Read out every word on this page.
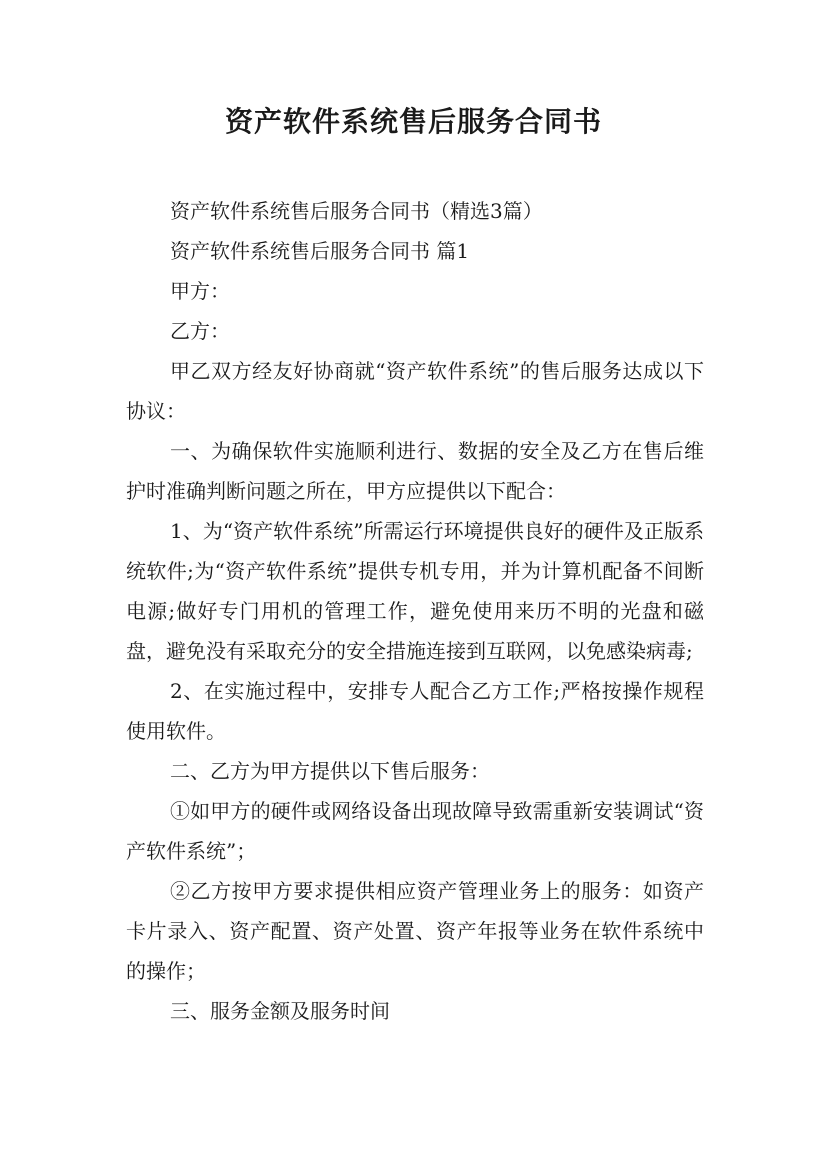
资产软件系统售后服务合同书

资产软件系统售后服务合同书（精选3篇）

资产软件系统售后服务合同书 篇1

甲方：

乙方：

甲乙双方经友好协商就“资产软件系统”的售后服务达成以下协议：

一、为确保软件实施顺利进行、数据的安全及乙方在售后维护时准确判断问题之所在，甲方应提供以下配合：

1、为“资产软件系统”所需运行环境提供良好的硬件及正版系统软件;为“资产软件系统”提供专机专用，并为计算机配备不间断电源;做好专门用机的管理工作，避免使用来历不明的光盘和磁盘，避免没有采取充分的安全措施连接到互联网，以免感染病毒;

2、在实施过程中，安排专人配合乙方工作;严格按操作规程使用软件。

二、乙方为甲方提供以下售后服务：

①如甲方的硬件或网络设备出现故障导致需重新安装调试“资产软件系统”；

②乙方按甲方要求提供相应资产管理业务上的服务：如资产卡片录入、资产配置、资产处置、资产年报等业务在软件系统中的操作；

三、服务金额及服务时间
